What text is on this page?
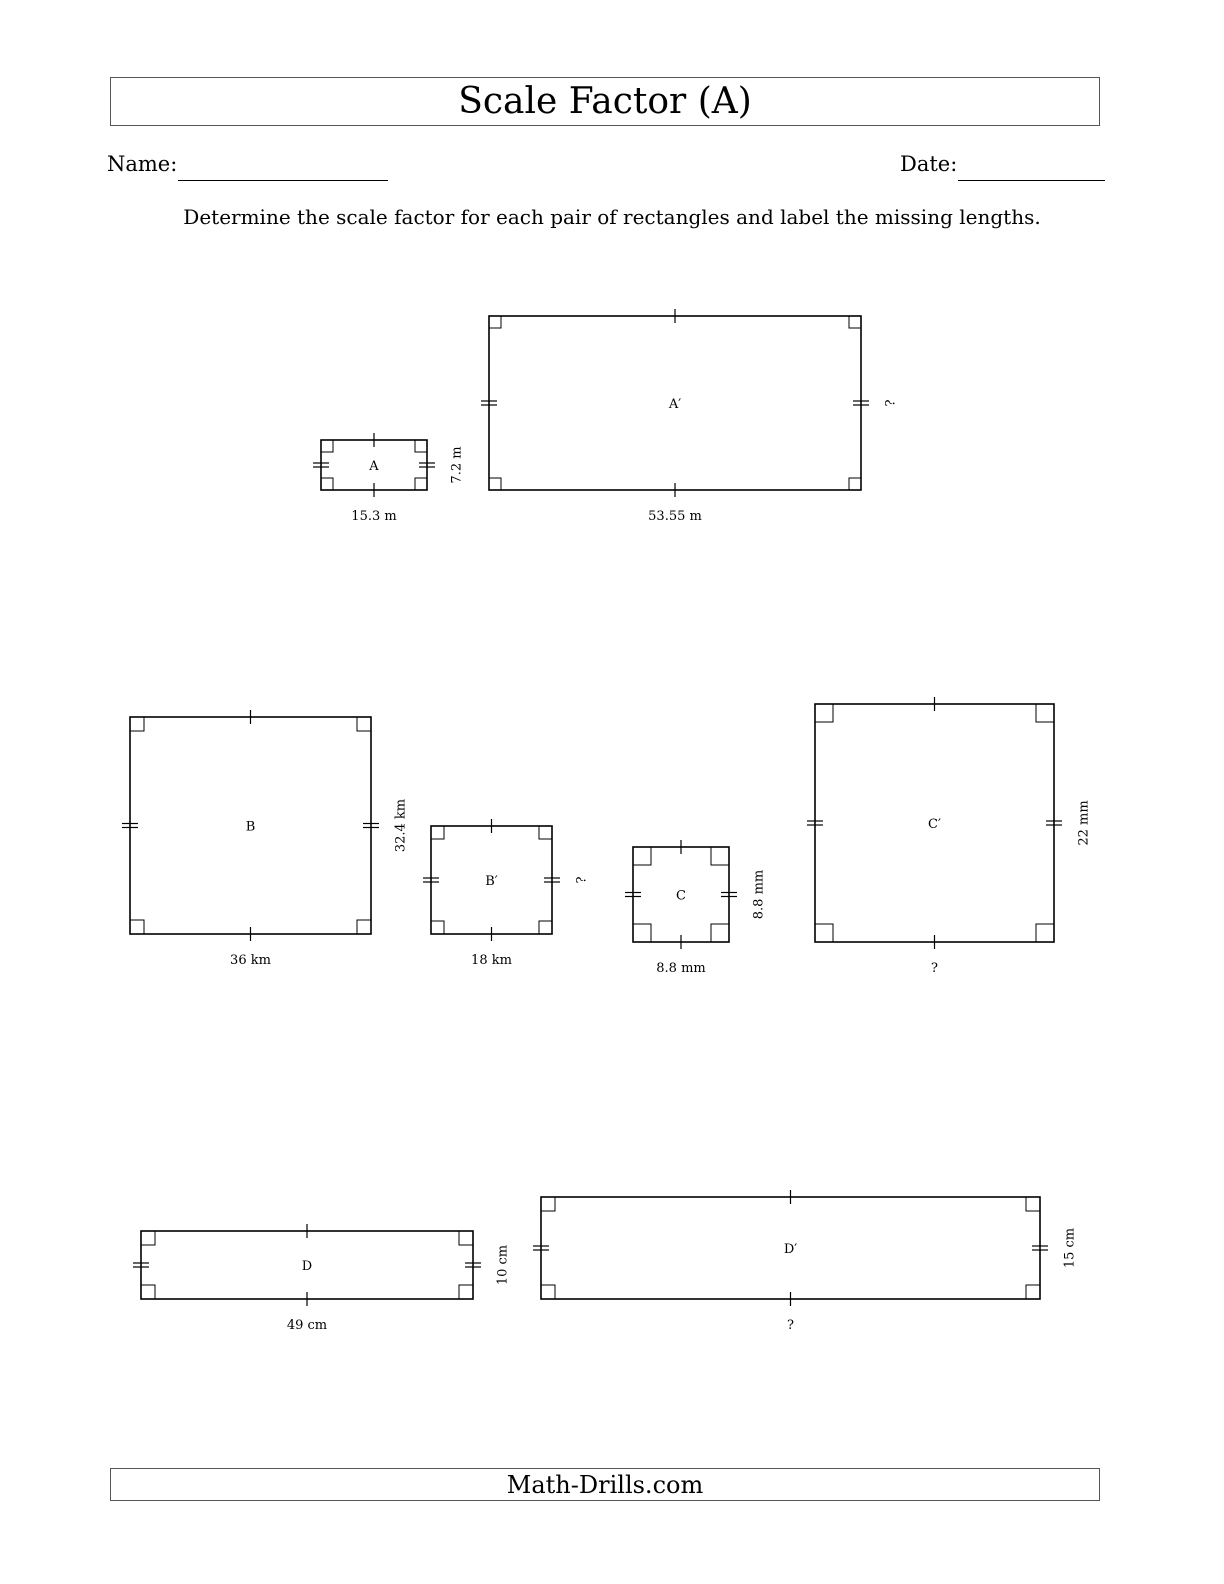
Scale Factor (A)
Name:	Date:
Determine the scale factor for each pair of rectangles and label the missing lengths.
A
15.3 m
7.2 m
A′
53.55 m
?
B
36 km
32.4 km
B′
18 km
?
C
8.8 mm
8.8 mm
C′
?
22 mm
D
49 cm
10 cm	D′
?
15 cm
Math-Drills.com
